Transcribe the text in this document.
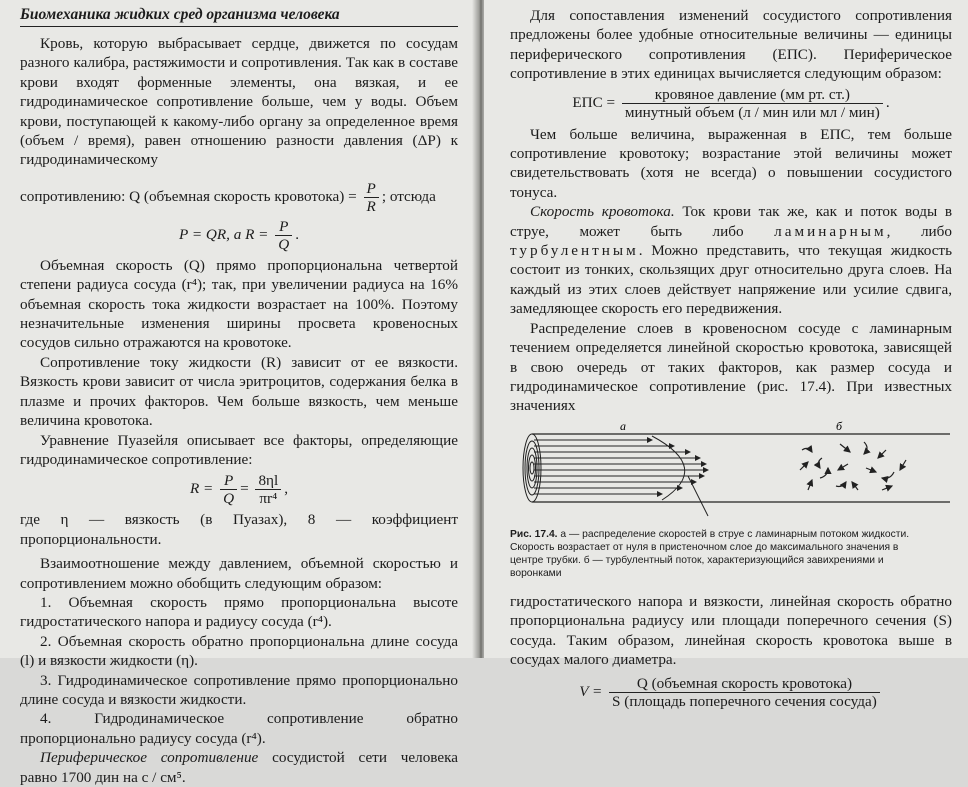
Биомеханика жидких сред организма человека

Кровь, которую выбрасывает сердце, движется по сосудам разного калибра, растяжимости и сопротивления. Так как в составе крови входят форменные элементы, она вязкая, и ее гидродинамическое сопротивление больше, чем у воды. Объем крови, поступающей к какому-либо органу за определенное время (объем / время), равен отношению разности давления (ΔP) к гидродинамическому

сопротивлению: Q (объемная скорость кровотока) = $\frac{P}{R}$ ; отсюда

P = QR, а $R = \frac{P}{Q}$ .

Объемная скорость (Q) прямо пропорциональна четвертой степени радиуса сосуда (r⁴); так, при увеличении радиуса на 16% объемная скорость тока жидкости возрастает на 100%. Поэтому незначительные изменения ширины просвета кровеносных сосудов сильно отражаются на кровотоке.

Сопротивление току жидкости (R) зависит от ее вязкости. Вязкость крови зависит от числа эритроцитов, содержания белка в плазме и прочих факторов. Чем больше вязкость, чем меньше величина кровотока.

Уравнение Пуазейля описывает все факторы, определяющие гидродинамическое сопротивление:

$R = \frac{P}{Q} = \frac{8\eta l}{\text{πr⁴}}$ ,

где η — вязкость (в Пуазах), 8 — коэффициент пропорциональности.

Взаимоотношение между давлением, объемной скоростью и сопротивлением можно обобщить следующим образом:

1. Объемная скорость прямо пропорциональна высоте гидростатического напора и радиусу сосуда (r⁴).

2. Объемная скорость обратно пропорциональна длине сосуда (l) и вязкости жидкости (η).

3. Гидродинамическое сопротивление прямо пропорционально длине сосуда и вязкости жидкости.

4. Гидродинамическое сопротивление обратно пропорционально радиусу сосуда (r⁴).

Периферическое сопротивление сосудистой сети человека равно 1700 дин на с / см⁵.

Для сопоставления изменений сосудистого сопротивления предложены более удобные относительные величины — единицы периферического сопротивления (ЕПС). Периферическое сопротивление в этих единицах вычисляется следующим образом:

ЕПС = $\frac{\text{кровяное давление (мм рт. ст.)}}{\text{минутный объем (л / мин или мл / мин)}}$ .

Чем больше величина, выраженная в ЕПС, тем больше сопротивление кровотоку; возрастание этой величины может свидетельствовать (хотя не всегда) о повышении сосудистого тонуса.

Скорость кровотока. Ток крови так же, как и поток воды в струе, может быть либо ламинарным, либо турбулентным. Можно представить, что текущая жидкость состоит из тонких, скользящих друг относительно друга слоев. На каждый из этих слоев действует напряжение или усилие сдвига, замедляющее скорость его передвижения.

Распределение слоев в кровеносном сосуде с ламинарным течением определяется линейной скоростью кровотока, зависящей в свою очередь от таких факторов, как размер сосуда и гидродинамическое сопротивление (рис. 17.4). При известных значениях

а	б
Рис. 17.4. а — распределение скоростей в струе с ламинарным потоком жидкости. Скорость возрастает от нуля в пристеночном слое до максимального значения в центре трубки. б — турбулентный поток, характеризующийся завихрениями и воронками

гидростатического напора и вязкости, линейная скорость обратно пропорциональна радиусу или площади поперечного сечения (S) сосуда. Таким образом, линейная скорость кровотока выше в сосудах малого диаметра.

$V = \frac{\text{Q (объемная скорость кровотока)}}{\text{S (площадь поперечного сечения сосуда)}}$
